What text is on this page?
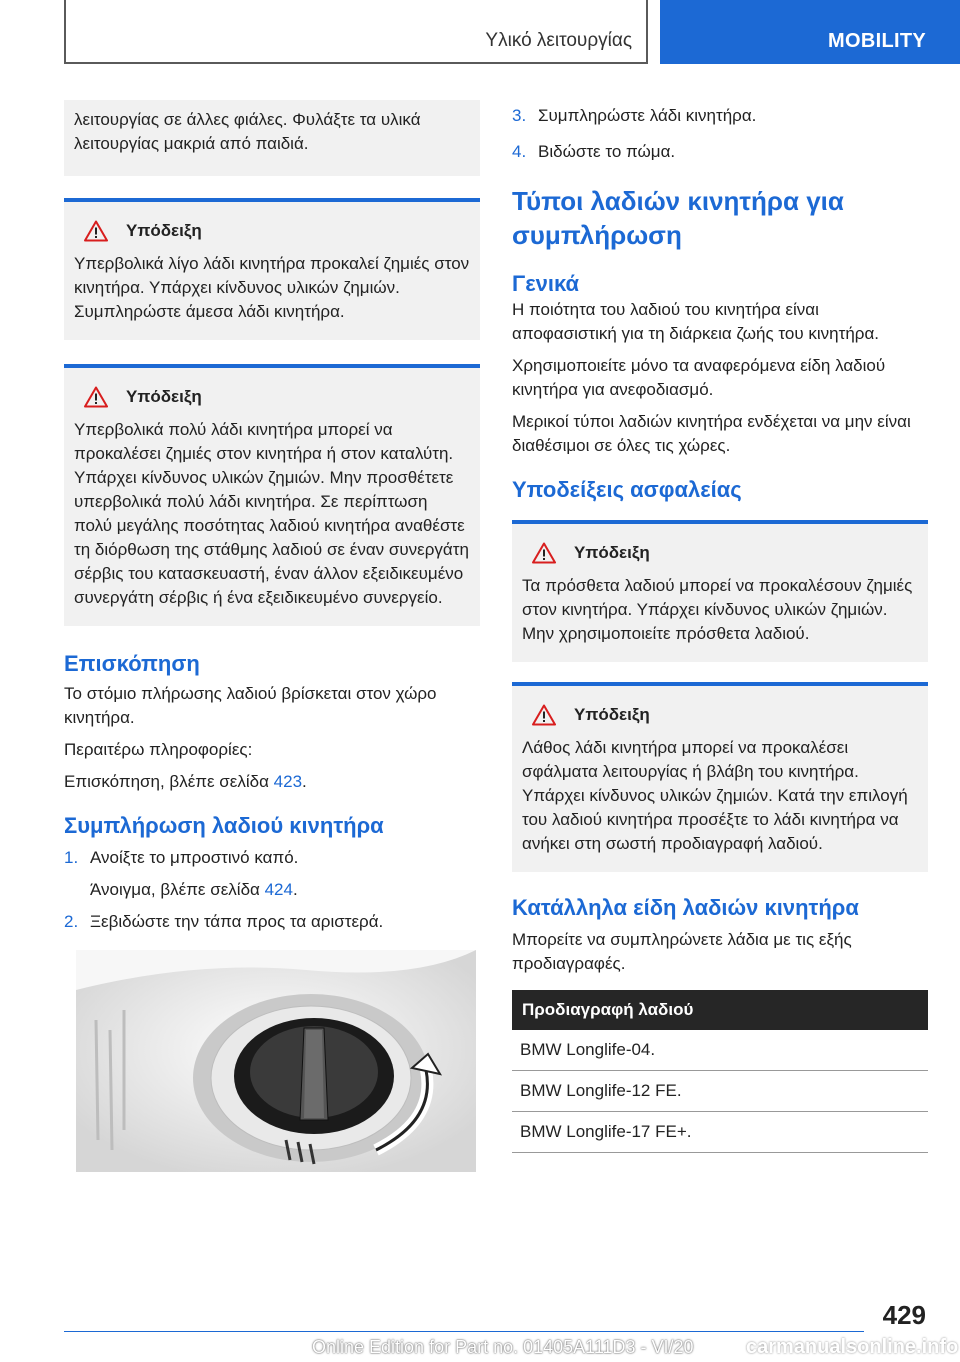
Υλικό λειτουργίας	MOBILITY

λειτουργίας σε άλλες φιάλες. Φυλάξτε τα υλικά λειτουργίας μακριά από παιδιά.

Υπόδειξη

Υπερβολικά λίγο λάδι κινητήρα προκαλεί ζημιές στον κινητήρα. Υπάρχει κίνδυνος υλικών ζημιών. Συμπληρώστε άμεσα λάδι κινητήρα.

Υπόδειξη

Υπερβολικά πολύ λάδι κινητήρα μπορεί να προκαλέσει ζημιές στον κινητήρα ή στον καταλύτη. Υπάρχει κίνδυνος υλικών ζημιών. Μην προσθέτετε υπερβολικά πολύ λάδι κινητήρα. Σε περίπτωση πολύ μεγάλης ποσότητας λαδιού κινητήρα αναθέστε τη διόρθωση της στάθμης λαδιού σε έναν συνεργάτη σέρβις του κατασκευαστή, έναν άλλον εξειδικευμένο συνεργάτη σέρβις ή ένα εξειδικευμένο συνεργείο.

Επισκόπηση

Το στόμιο πλήρωσης λαδιού βρίσκεται στον χώρο κινητήρα.

Περαιτέρω πληροφορίες:

Επισκόπηση, βλέπε σελίδα 423.

Συμπλήρωση λαδιού κινητήρα
1. Ανοίξτε το μπροστινό καπό.
Άνοιγμα, βλέπε σελίδα 424.
2. Ξεβιδώστε την τάπα προς τα αριστερά.
3. Συμπληρώστε λάδι κινητήρα.
4. Βιδώστε το πώμα.
Τύποι λαδιών κινητήρα για συμπλήρωση
Γενικά

Η ποιότητα του λαδιού του κινητήρα είναι αποφασιστική για τη διάρκεια ζωής του κινητήρα.

Χρησιμοποιείτε μόνο τα αναφερόμενα είδη λαδιού κινητήρα για ανεφοδιασμό.

Μερικοί τύποι λαδιών κινητήρα ενδέχεται να μην είναι διαθέσιμοι σε όλες τις χώρες.

Υποδείξεις ασφαλείας
Υπόδειξη

Τα πρόσθετα λαδιού μπορεί να προκαλέσουν ζημιές στον κινητήρα. Υπάρχει κίνδυνος υλικών ζημιών. Μην χρησιμοποιείτε πρόσθετα λαδιού.

Υπόδειξη

Λάθος λάδι κινητήρα μπορεί να προκαλέσει σφάλματα λειτουργίας ή βλάβη του κινητήρα. Υπάρχει κίνδυνος υλικών ζημιών. Κατά την επιλογή του λαδιού κινητήρα προσέξτε το λάδι κινητήρα να ανήκει στη σωστή προδιαγραφή λαδιού.

Κατάλληλα είδη λαδιών κινητήρα

Μπορείτε να συμπληρώνετε λάδια με τις εξής προδιαγραφές.

Προδιαγραφή λαδιού
BMW Longlife-04.
BMW Longlife-12 FE.
BMW Longlife-17 FE+.
429
Online Edition for Part no. 01405A111D3 - VI/20	carmanualsonline.info
